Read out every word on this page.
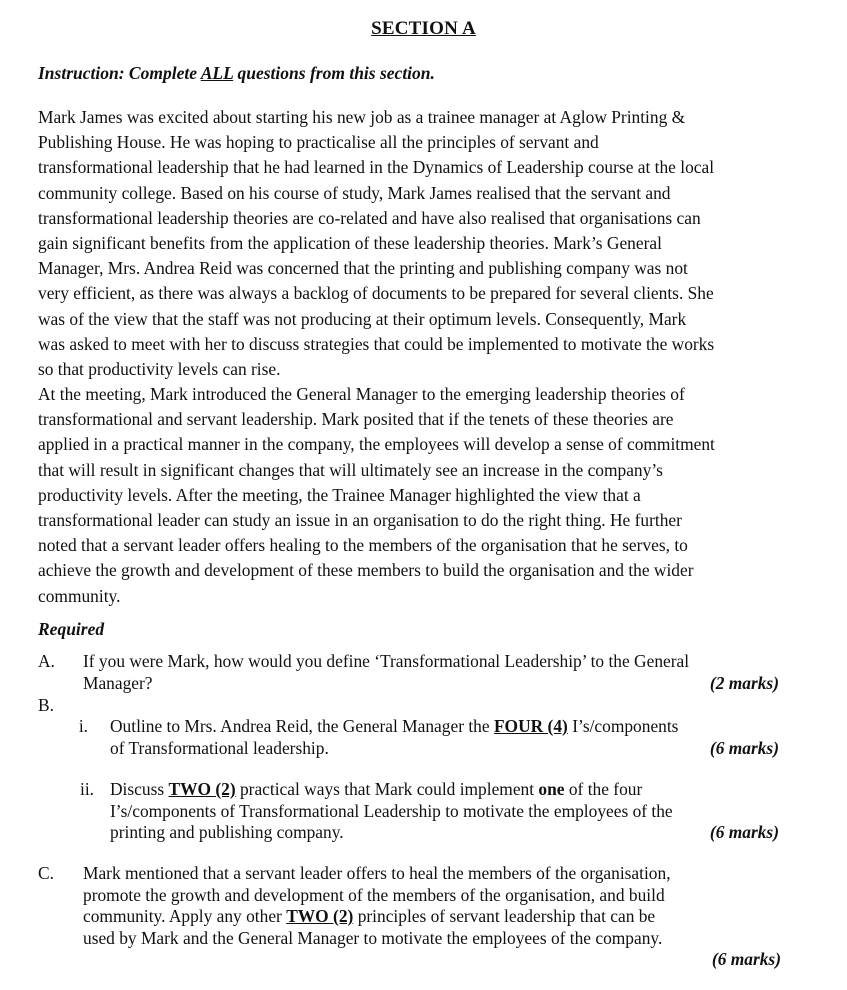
SECTION A
Instruction: Complete ALL questions from this section.
Mark James was excited about starting his new job as a trainee manager at Aglow Printing &
Publishing House. He was hoping to practicalise all the principles of servant and
transformational leadership that he had learned in the Dynamics of Leadership course at the local
community college. Based on his course of study, Mark James realised that the servant and
transformational leadership theories are co-related and have also realised that organisations can
gain significant benefits from the application of these leadership theories. Mark’s General
Manager, Mrs. Andrea Reid was concerned that the printing and publishing company was not
very efficient, as there was always a backlog of documents to be prepared for several clients. She
was of the view that the staff was not producing at their optimum levels. Consequently, Mark
was asked to meet with her to discuss strategies that could be implemented to motivate the works
so that productivity levels can rise.
At the meeting, Mark introduced the General Manager to the emerging leadership theories of
transformational and servant leadership. Mark posited that if the tenets of these theories are
applied in a practical manner in the company, the employees will develop a sense of commitment
that will result in significant changes that will ultimately see an increase in the company’s
productivity levels. After the meeting, the Trainee Manager highlighted the view that a
transformational leader can study an issue in an organisation to do the right thing. He further
noted that a servant leader offers healing to the members of the organisation that he serves, to
achieve the growth and development of these members to build the organisation and the wider
community.
Required
A. If you were Mark, how would you define ‘Transformational Leadership’ to the General
Manager?	(2 marks)
B.
i. Outline to Mrs. Andrea Reid, the General Manager the FOUR (4) I’s/components
of Transformational leadership.	(6 marks)
ii. Discuss TWO (2) practical ways that Mark could implement one of the four
I’s/components of Transformational Leadership to motivate the employees of the
printing and publishing company.	(6 marks)
C. Mark mentioned that a servant leader offers to heal the members of the organisation,
promote the growth and development of the members of the organisation, and build
community. Apply any other TWO (2) principles of servant leadership that can be
used by Mark and the General Manager to motivate the employees of the company.
(6 marks)
